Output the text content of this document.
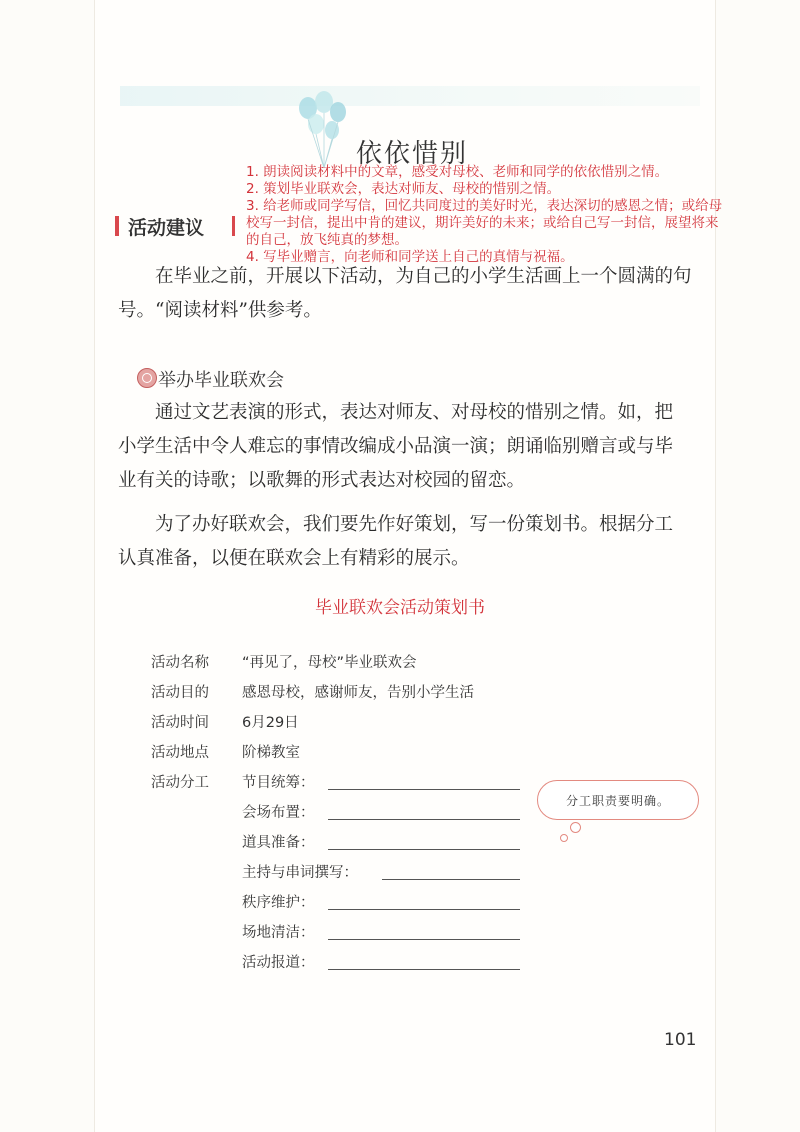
依依惜别
1. 朗读阅读材料中的文章，感受对母校、老师和同学的依依惜别之情。
2. 策划毕业联欢会，表达对师友、母校的惜别之情。
3. 给老师或同学写信，回忆共同度过的美好时光，表达深切的感恩之情；或给母校写一封信，提出中肯的建议，期许美好的未来；或给自己写一封信，展望将来的自己，放飞纯真的梦想。
4. 写毕业赠言，向老师和同学送上自己的真情与祝福。
活动建议
在毕业之前，开展以下活动，为自己的小学生活画上一个圆满的句号。“阅读材料”供参考。
举办毕业联欢会
通过文艺表演的形式，表达对师友、对母校的惜别之情。如，把小学生活中令人难忘的事情改编成小品演一演；朗诵临别赠言或与毕业有关的诗歌；以歌舞的形式表达对校园的留恋。
为了办好联欢会，我们要先作好策划，写一份策划书。根据分工认真准备，以便在联欢会上有精彩的展示。
毕业联欢会活动策划书
活动名称 “再见了，母校”毕业联欢会
活动目的 感恩母校，感谢师友，告别小学生活
活动时间 6月29日
活动地点 阶梯教室
活动分工 节目统筹：
会场布置：
道具准备：
主持与串词撰写：
秩序维护：
场地清洁：
活动报道：
分工职责要明确。
101
